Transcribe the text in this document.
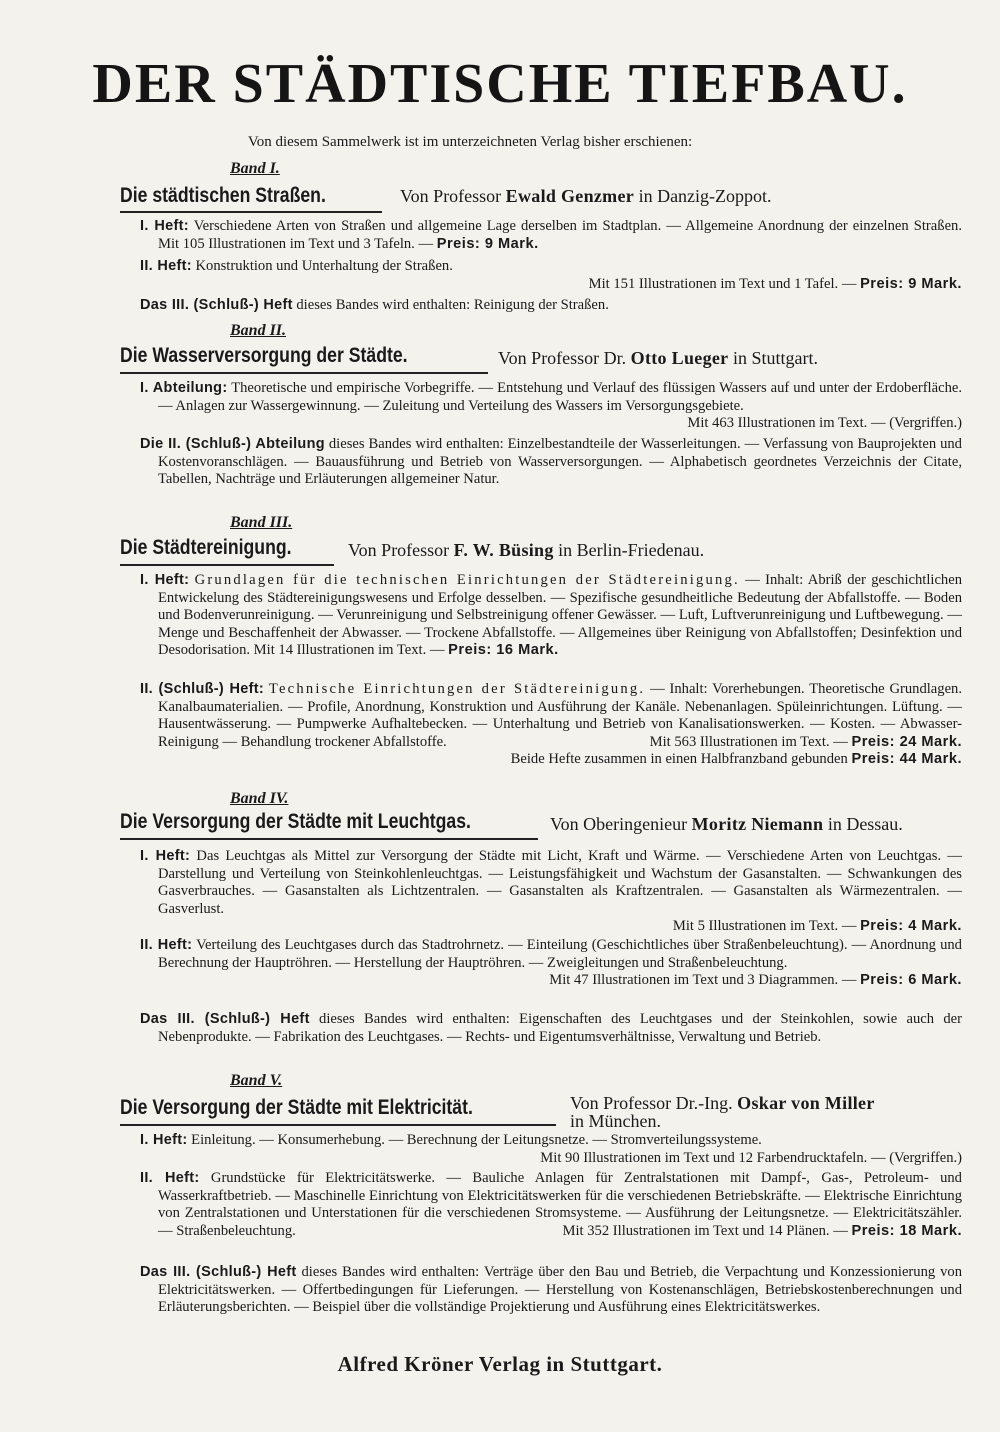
DER STÄDTISCHE TIEFBAU.
Von diesem Sammelwerk ist im unterzeichneten Verlag bisher erschienen:
Band I.
Die städtischen Straßen.	Von Professor Ewald Genzmer in Danzig-Zoppot.
I. Heft: Verschiedene Arten von Straßen und allgemeine Lage derselben im Stadtplan. — Allgemeine Anordnung der einzelnen Straßen. Mit 105 Illustrationen im Text und 3 Tafeln. — Preis: 9 Mark.
II. Heft: Konstruktion und Unterhaltung der Straßen.
Mit 151 Illustrationen im Text und 1 Tafel. — Preis: 9 Mark.
Das III. (Schluß-) Heft dieses Bandes wird enthalten: Reinigung der Straßen.
Band II.
Die Wasserversorgung der Städte.	Von Professor Dr. Otto Lueger in Stuttgart.
I. Abteilung: Theoretische und empirische Vorbegriffe. — Entstehung und Verlauf des flüssigen Wassers auf und unter der Erdoberfläche. — Anlagen zur Wassergewinnung. — Zuleitung und Verteilung des Wassers im Versorgungsgebiete.
Mit 463 Illustrationen im Text. — (Vergriffen.)
Die II. (Schluß-) Abteilung dieses Bandes wird enthalten: Einzelbestandteile der Wasserleitungen. — Verfassung von Bauprojekten und Kostenvoranschlägen. — Bauausführung und Betrieb von Wasserversorgungen. — Alphabetisch geordnetes Verzeichnis der Citate, Tabellen, Nachträge und Erläuterungen allgemeiner Natur.
Band III.
Die Städtereinigung.	Von Professor F. W. Büsing in Berlin-Friedenau.
I. Heft: Grundlagen für die technischen Einrichtungen der Städtereinigung. — Inhalt: Abriß der geschichtlichen Entwickelung des Städtereinigungswesens und Erfolge desselben. — Spezifische gesundheitliche Bedeutung der Abfallstoffe. — Boden und Bodenverunreinigung. — Verunreinigung und Selbstreinigung offener Gewässer. — Luft, Luftverunreinigung und Luftbewegung. — Menge und Beschaffenheit der Abwasser. — Trockene Abfallstoffe. — Allgemeines über Reinigung von Abfallstoffen; Desinfektion und Desodorisation. Mit 14 Illustrationen im Text. — Preis: 16 Mark.
II. (Schluß-) Heft: Technische Einrichtungen der Städtereinigung. — Inhalt: Vorerhebungen. Theoretische Grundlagen. Kanalbaumaterialien. — Profile, Anordnung, Konstruktion und Ausführung der Kanäle. Nebenanlagen. Spüleinrichtungen. Lüftung. — Hausentwässerung. — Pumpwerke Aufhaltebecken. — Unterhaltung und Betrieb von Kanalisationswerken. — Kosten. — Abwasser-Reinigung — Behandlung trockener Abfallstoffe.	Mit 563 Illustrationen im Text. — Preis: 24 Mark.
Beide Hefte zusammen in einen Halbfranzband gebunden Preis: 44 Mark.
Band IV.
Die Versorgung der Städte mit Leuchtgas.	Von Oberingenieur Moritz Niemann in Dessau.
I. Heft: Das Leuchtgas als Mittel zur Versorgung der Städte mit Licht, Kraft und Wärme. — Verschiedene Arten von Leuchtgas. — Darstellung und Verteilung von Steinkohlenleuchtgas. — Leistungsfähigkeit und Wachstum der Gasanstalten. — Schwankungen des Gasverbrauches. — Gasanstalten als Lichtzentralen. — Gasanstalten als Kraftzentralen. — Gasanstalten als Wärmezentralen. — Gasverlust.
Mit 5 Illustrationen im Text. — Preis: 4 Mark.
II. Heft: Verteilung des Leuchtgases durch das Stadtrohrnetz. — Einteilung (Geschichtliches über Straßenbeleuchtung). — Anordnung und Berechnung der Hauptröhren. — Herstellung der Hauptröhren. — Zweigleitungen und Straßenbeleuchtung.
Mit 47 Illustrationen im Text und 3 Diagrammen. — Preis: 6 Mark.
Das III. (Schluß-) Heft dieses Bandes wird enthalten: Eigenschaften des Leuchtgases und der Steinkohlen, sowie auch der Nebenprodukte. — Fabrikation des Leuchtgases. — Rechts- und Eigentumsverhältnisse, Verwaltung und Betrieb.
Band V.
Die Versorgung der Städte mit Elektricität.	Von Professor Dr.-Ing. Oskar von Miller
in München.
I. Heft: Einleitung. — Konsumerhebung. — Berechnung der Leitungsnetze. — Stromverteilungssysteme.
Mit 90 Illustrationen im Text und 12 Farbendrucktafeln. — (Vergriffen.)
II. Heft: Grundstücke für Elektricitätswerke. — Bauliche Anlagen für Zentralstationen mit Dampf-, Gas-, Petroleum- und Wasserkraftbetrieb. — Maschinelle Einrichtung von Elektricitätswerken für die verschiedenen Betriebskräfte. — Elektrische Einrichtung von Zentralstationen und Unterstationen für die verschiedenen Stromsysteme. — Ausführung der Leitungsnetze. — Elektricitätszähler. — Straßenbeleuchtung.	Mit 352 Illustrationen im Text und 14 Plänen. — Preis: 18 Mark.
Das III. (Schluß-) Heft dieses Bandes wird enthalten: Verträge über den Bau und Betrieb, die Verpachtung und Konzessionierung von Elektricitätswerken. — Offertbedingungen für Lieferungen. — Herstellung von Kostenanschlägen, Betriebskostenberechnungen und Erläuterungsberichten. — Beispiel über die vollständige Projektierung und Ausführung eines Elektricitätswerkes.
Alfred Kröner Verlag in Stuttgart.
